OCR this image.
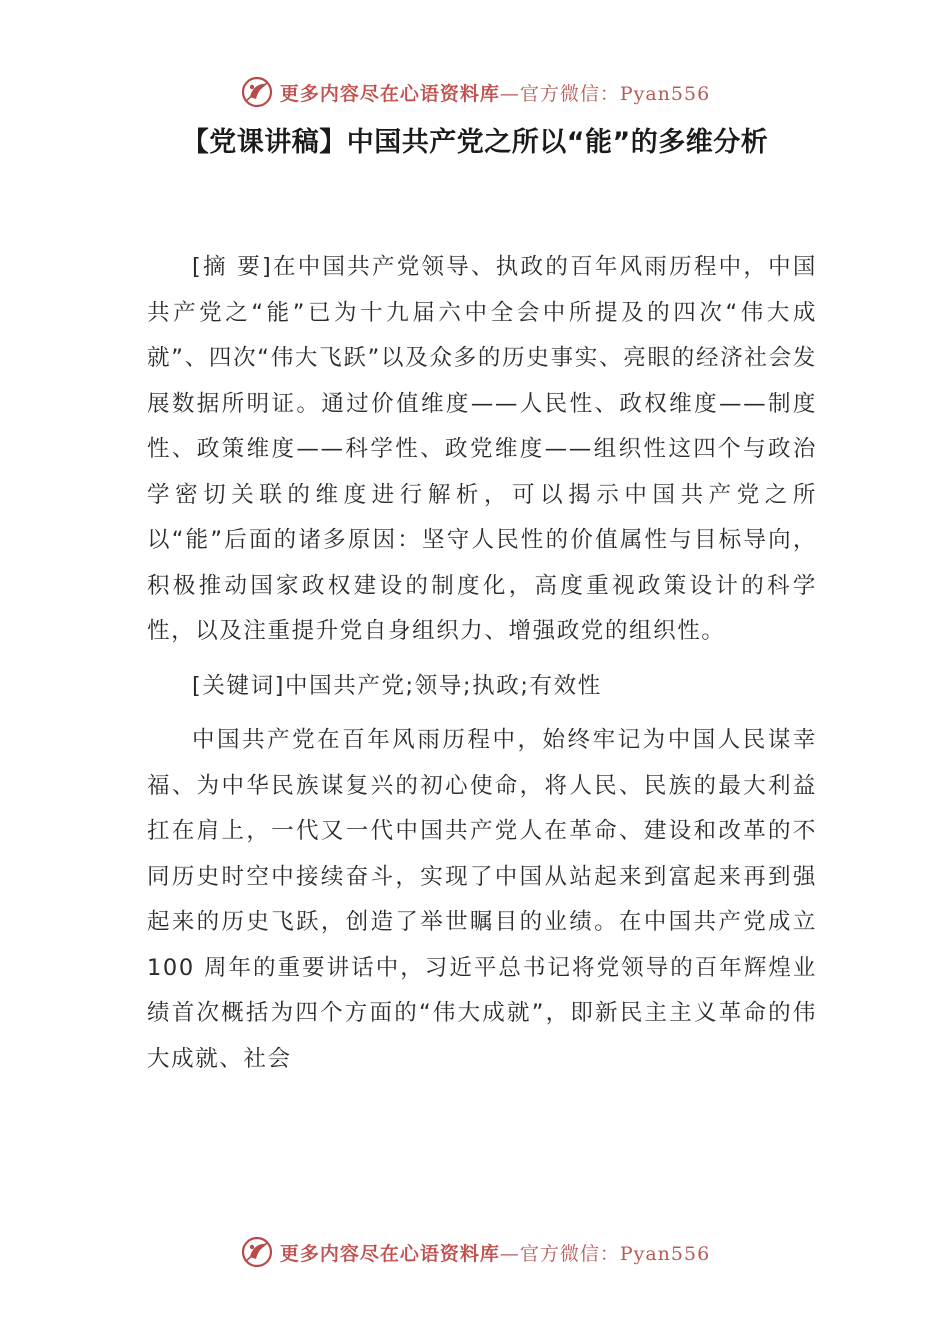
更多内容尽在心语资料库—官方微信：Pyan556
【党课讲稿】中国共产党之所以“能”的多维分析

[摘 要]在中国共产党领导、执政的百年风雨历程中，中国共产党之“能”已为十九届六中全会中所提及的四次“伟大成就”、四次“伟大飞跃”以及众多的历史事实、亮眼的经济社会发展数据所明证。通过价值维度——人民性、政权维度——制度性、政策维度——科学性、政党维度——组织性这四个与政治学密切关联的维度进行解析，可以揭示中国共产党之所以“能”后面的诸多原因：坚守人民性的价值属性与目标导向，积极推动国家政权建设的制度化，高度重视政策设计的科学性，以及注重提升党自身组织力、增强政党的组织性。

[关键词]中国共产党;领导;执政;有效性

中国共产党在百年风雨历程中，始终牢记为中国人民谋幸福、为中华民族谋复兴的初心使命，将人民、民族的最大利益扛在肩上，一代又一代中国共产党人在革命、建设和改革的不同历史时空中接续奋斗，实现了中国从站起来到富起来再到强起来的历史飞跃，创造了举世瞩目的业绩。在中国共产党成立 100 周年的重要讲话中，习近平总书记将党领导的百年辉煌业绩首次概括为四个方面的“伟大成就”，即新民主主义革命的伟大成就、社会

更多内容尽在心语资料库—官方微信：Pyan556
